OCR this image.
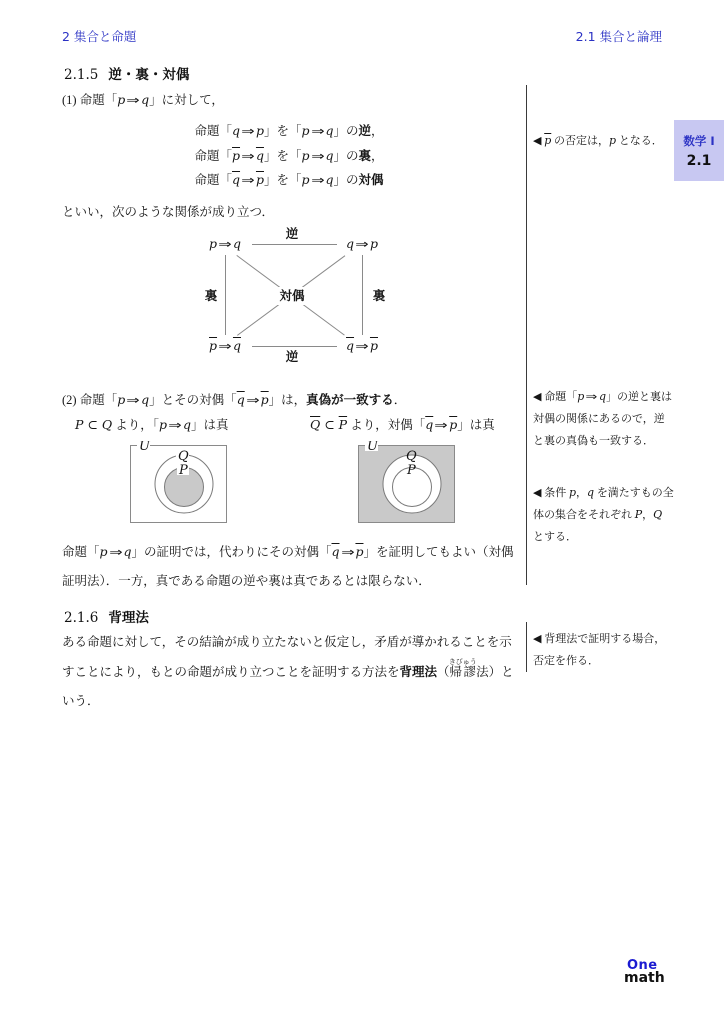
2 集合と命題	2.1 集合と論理
数学 I
2.1
2.1.5 逆・裏・対偶
(1) 命題「p⇒q」に対して，
命題「q⇒p」を「p⇒q」の逆，
命題「$\overline{p}\Rightarrow\overline{q}$」を「p⇒q」の裏，
命題「$\overline{q}\Rightarrow\overline{p}$」を「p⇒q」の対偶
といい，次のような関係が成り立つ．
p⇒q	q⇒p
$\overline{p}\Rightarrow\overline{q}$	$\overline{q}\Rightarrow\overline{p}$
逆
逆
裏	裏
対偶
(2) 命題「p⇒q」とその対偶「$\overline{q}\Rightarrow\overline{p}$」は，真偽が一致する．
P ⊂ Q より，「p⇒q」は真	$\overline{Q}$ ⊂ $\overline{P}$ より，対偶「$\overline{q}\Rightarrow\overline{p}$」は真
U
Q
P
U
Q
P
命題「p⇒q」の証明では，代わりにその対偶「$\overline{q}\Rightarrow\overline{p}$」を証明してもよい（対偶証明法）．一方，真である命題の逆や裏は真であるとは限らない．
2.1.6 背理法
ある命題に対して，その結論が成り立たないと仮定し，矛盾が導かれることを示すことにより，もとの命題が成り立つことを証明する方法を背理法（帰謬きびゅう法）という．
◀ $\overline{p}$ の否定は，p となる．
◀ 命題「p⇒q」の逆と裏は対偶の関係にあるので，逆と裏の真偽も一致する．
◀ 条件 p，q を満たすもの全体の集合をそれぞれ P，Q とする．
◀ 背理法で証明する場合，否定を作る．
One
math
